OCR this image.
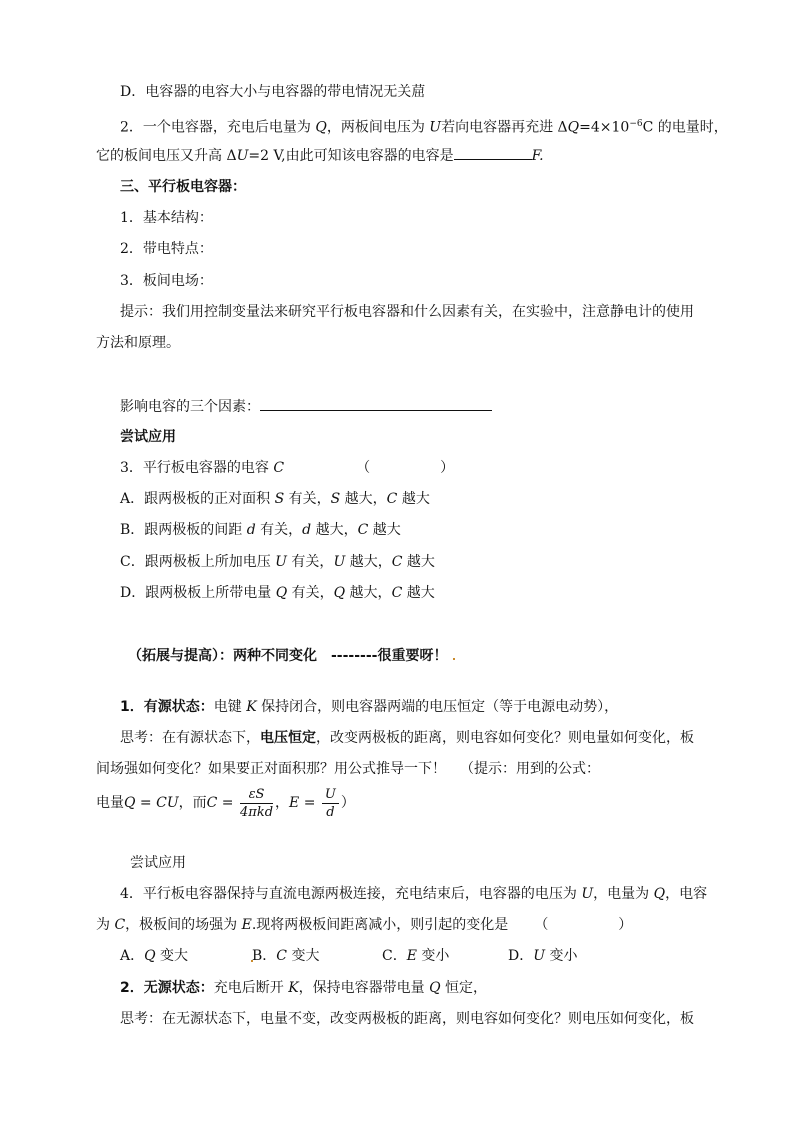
D．电容器的电容大小与电容器的带电情况无关䓛
2．一个电容器，充电后电量为 Q，两板间电压为 U若向电容器再充进 $\Delta Q=4\times 10^{-6}C$ 的电量时，
它的板间电压又升高 ΔU=2 V,由此可知该电容器的电容是	F.
三、平行板电容器：
1．基本结构：
2．带电特点：
3．板间电场：
提示：我们用控制变量法来研究平行板电容器和什么因素有关，在实验中，注意静电计的使用
方法和原理。
影响电容的三个因素：
尝试应用
3．平行板电容器的电容 C	（　　　　　）
A．跟两极板的正对面积 S 有关，S 越大，C 越大
B．跟两极板的间距 d 有关，d 越大，C 越大
C．跟两极板上所加电压 U 有关，U 越大，C 越大
D．跟两极板上所带电量 Q 有关，Q 越大，C 越大
（拓展与提高）：两种不同变化　--------很重要呀！
1．有源状态：电键 K 保持闭合，则电容器两端的电压恒定（等于电源电动势），
思考：在有源状态下，电压恒定，改变两极板的距离，则电容如何变化？则电量如何变化，板
间场强如何变化？如果要正对面积那？用公式推导一下！ （提示：用到的公式：
电量Q = CU，而$C = \frac{\varepsilon S}{\text{4πkd}}$ ，$E = \frac{U}{d}$ ）
尝试应用
4．平行板电容器保持与直流电源两极连接，充电结束后，电容器的电压为 U，电量为 Q，电容
为 C，极板间的场强为 E.现将两极板间距离减小，则引起的变化是 （　　　　　）
A．Q 变大	B．C 变大	C．E 变小	D．U 变小
2．无源状态：充电后断开 K，保持电容器带电量 Q 恒定，
思考：在无源状态下，电量不变，改变两极板的距离，则电容如何变化？则电压如何变化，板
